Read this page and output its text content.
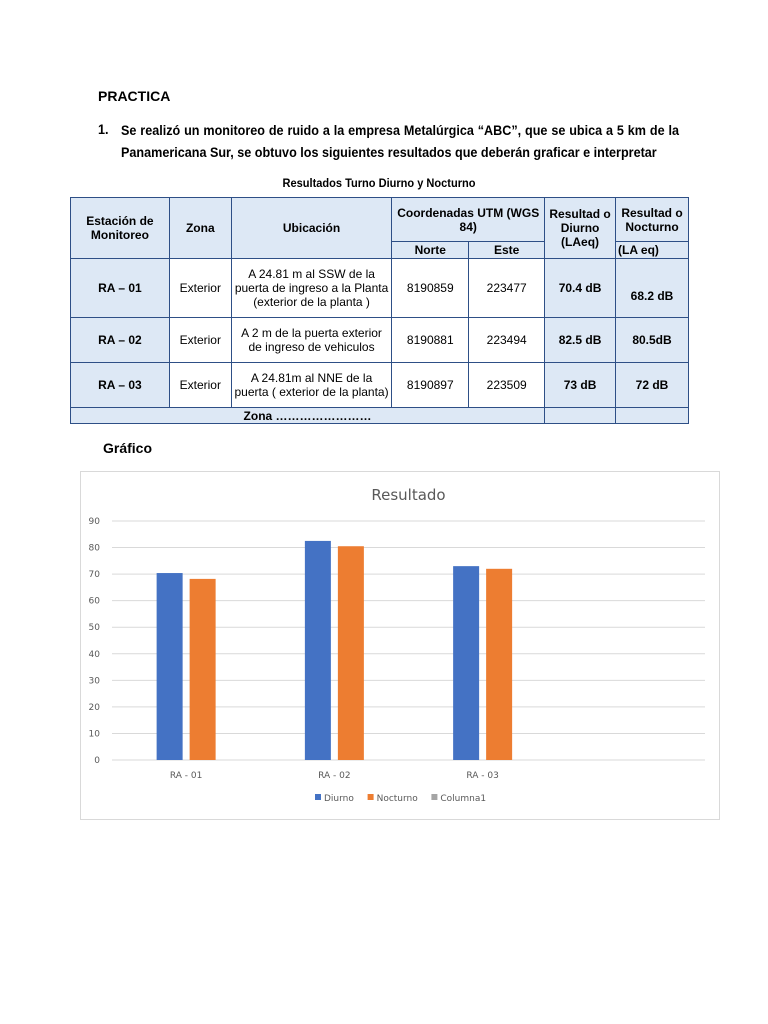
PRACTICA
1. Se realizó un monitoreo de ruido a la empresa Metalúrgica “ABC”, que se ubica a 5 km de la Panamericana Sur, se obtuvo los siguientes resultados que deberán graficar e interpretar

Resultados Turno Diurno y Nocturno
Estación de Monitoreo	Zona	Ubicación	Coordenadas UTM (WGS 84)		Resultad o Diurno (LAeq)	Resultad o Nocturno
			Norte	Este		(LA eq)
RA – 01	Exterior	A 24.81 m al SSW de la puerta de ingreso a la Planta (exterior de la planta )	8190859	223477	70.4 dB	68.2 dB
RA – 02	Exterior	A 2 m de la puerta exterior de ingreso de vehiculos	8190881	223494	82.5 dB	80.5dB
RA – 03	Exterior	A 24.81m al NNE de la puerta ( exterior de la planta)	8190897	223509	73 dB	72 dB
Zona ……………………						
Gráfico
Resultado
0
10
20
30
40
50
60
70
80
90
RA - 01	RA - 02	RA - 03
Diurno	Nocturno	Columna1
